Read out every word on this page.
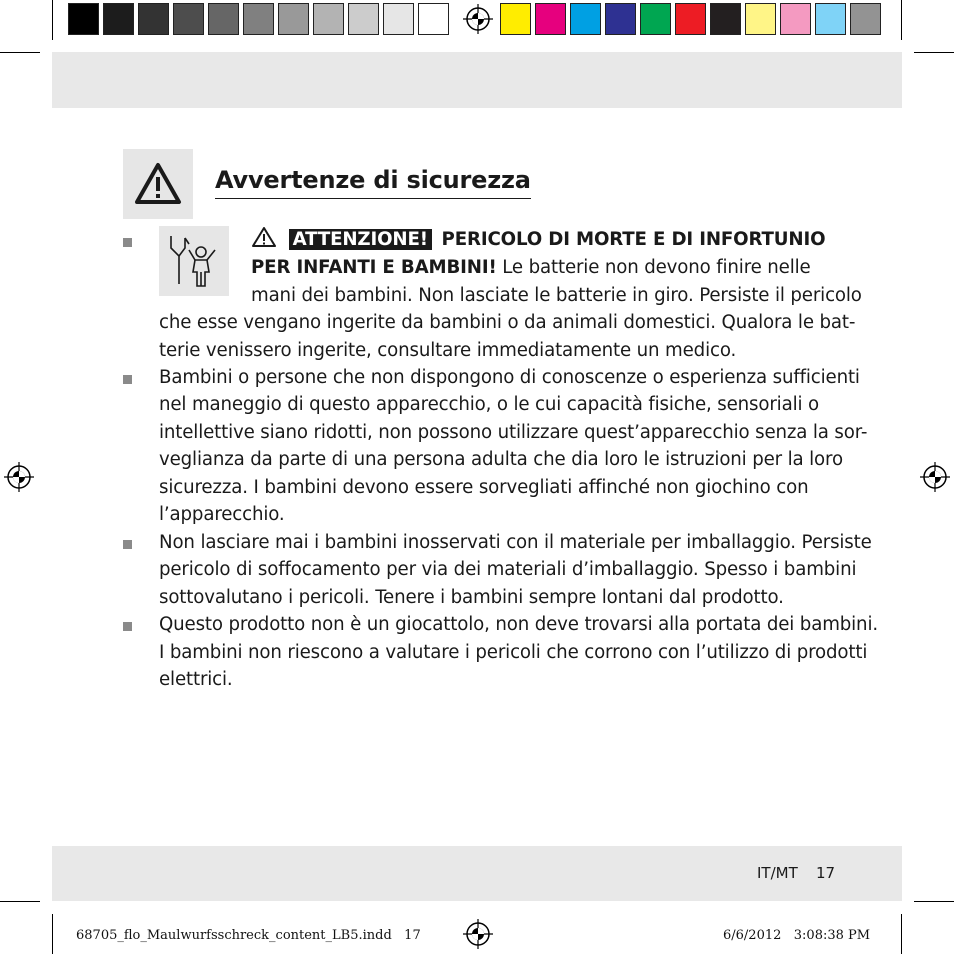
Avvertenze di sicurezza
ATTENZIONE! PERICOLO DI MORTE E DI INFORTUNIO
PER INFANTI E BAMBINI! Le batterie non devono finire nelle
mani dei bambini. Non lasciate le batterie in giro. Persiste il pericolo
che esse vengano ingerite da bambini o da animali domestici. Qualora le bat-
terie venissero ingerite, consultare immediatamente un medico.
Bambini o persone che non dispongono di conoscenze o esperienza sufficienti
nel maneggio di questo apparecchio, o le cui capacità fisiche, sensoriali o
intellettive siano ridotti, non possono utilizzare quest’apparecchio senza la sor-
veglianza da parte di una persona adulta che dia loro le istruzioni per la loro
sicurezza. I bambini devono essere sorvegliati affinché non giochino con
l’apparecchio.
Non lasciare mai i bambini inosservati con il materiale per imballaggio. Persiste
pericolo di soffocamento per via dei materiali d’imballaggio. Spesso i bambini
sottovalutano i pericoli. Tenere i bambini sempre lontani dal prodotto.
Questo prodotto non è un giocattolo, non deve trovarsi alla portata dei bambini.
I bambini non riescono a valutare i pericoli che corrono con l’utilizzo di prodotti
elettrici.
IT/MT 17
68705_flo_Maulwurfsschreck_content_LB5.indd   17	6/6/2012   3:08:38 PM
